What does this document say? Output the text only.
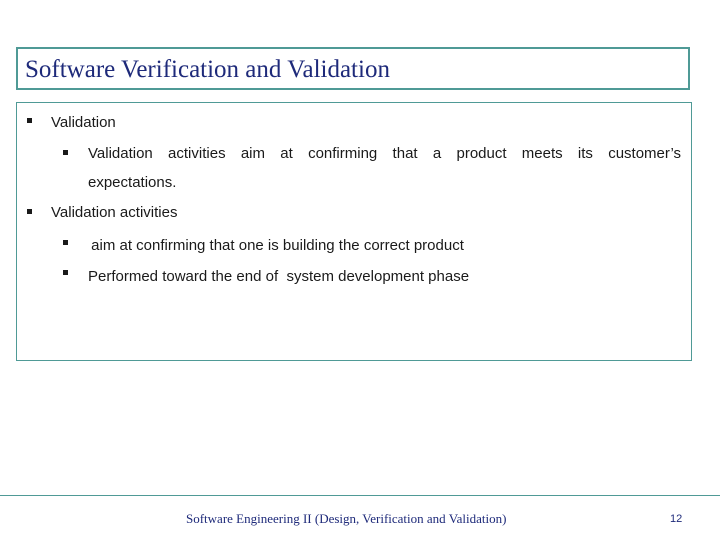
Software Verification and Validation
Validation
Validation activities aim at confirming that a product meets its customer’s
expectations.
Validation activities
aim at confirming that one is building the correct product
Performed toward the end of  system development phase
Software Engineering II (Design, Verification and Validation)	12
